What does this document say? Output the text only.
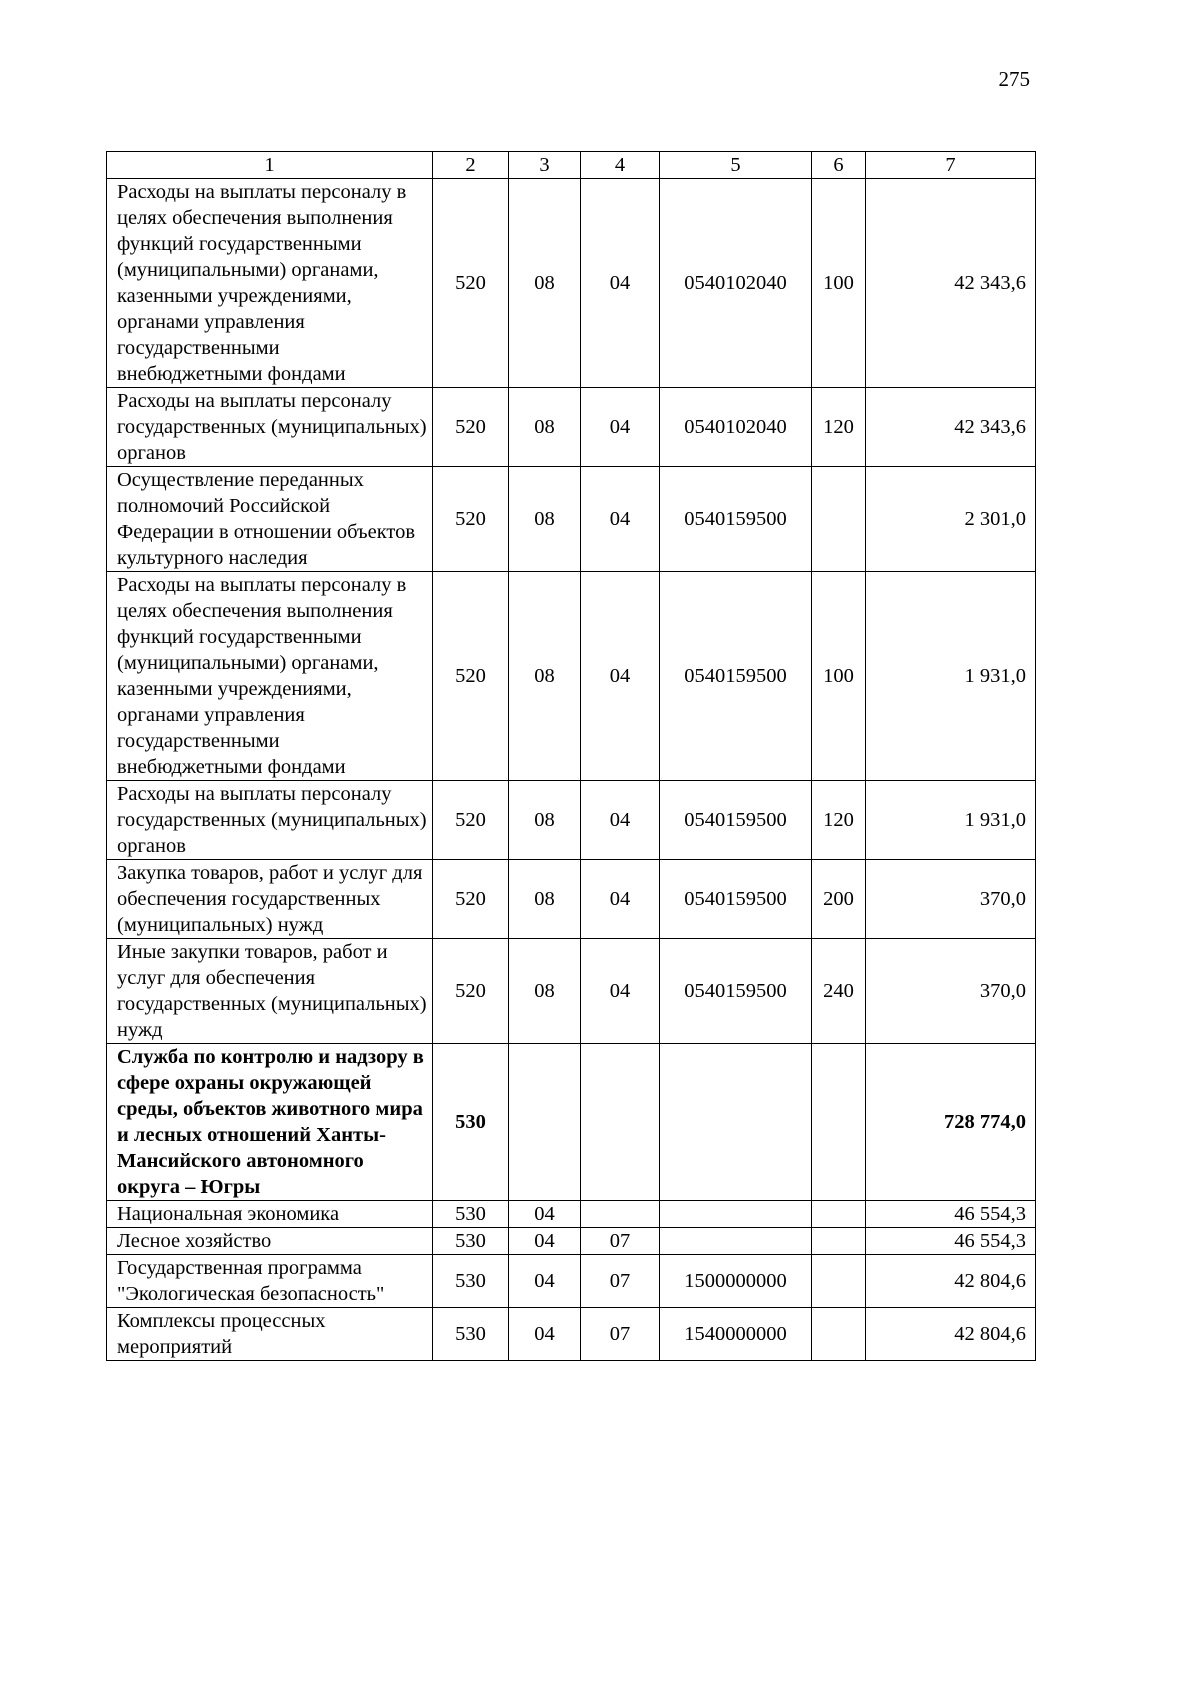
275
1	2	3	4	5	6	7
Расходы на выплаты персоналу в целях обеспечения выполнения функций государственными (муниципальными) органами, казенными учреждениями, органами управления государственными внебюджетными фондами	520	08	04	0540102040	100	42 343,6
Расходы на выплаты персоналу государственных (муниципальных) органов	520	08	04	0540102040	120	42 343,6
Осуществление переданных полномочий Российской Федерации в отношении объектов культурного наследия	520	08	04	0540159500		2 301,0
Расходы на выплаты персоналу в целях обеспечения выполнения функций государственными (муниципальными) органами, казенными учреждениями, органами управления государственными внебюджетными фондами	520	08	04	0540159500	100	1 931,0
Расходы на выплаты персоналу государственных (муниципальных) органов	520	08	04	0540159500	120	1 931,0
Закупка товаров, работ и услуг для обеспечения государственных (муниципальных) нужд	520	08	04	0540159500	200	370,0
Иные закупки товаров, работ и услуг для обеспечения государственных (муниципальных) нужд	520	08	04	0540159500	240	370,0
Служба по контролю и надзору в сфере охраны окружающей среды, объектов животного мира и лесных отношений Ханты-Мансийского автономного округа – Югры	530					728 774,0
Национальная экономика	530	04				46 554,3
Лесное хозяйство	530	04	07			46 554,3
Государственная программа "Экологическая безопасность"	530	04	07	1500000000		42 804,6
Комплексы процессных мероприятий	530	04	07	1540000000		42 804,6
